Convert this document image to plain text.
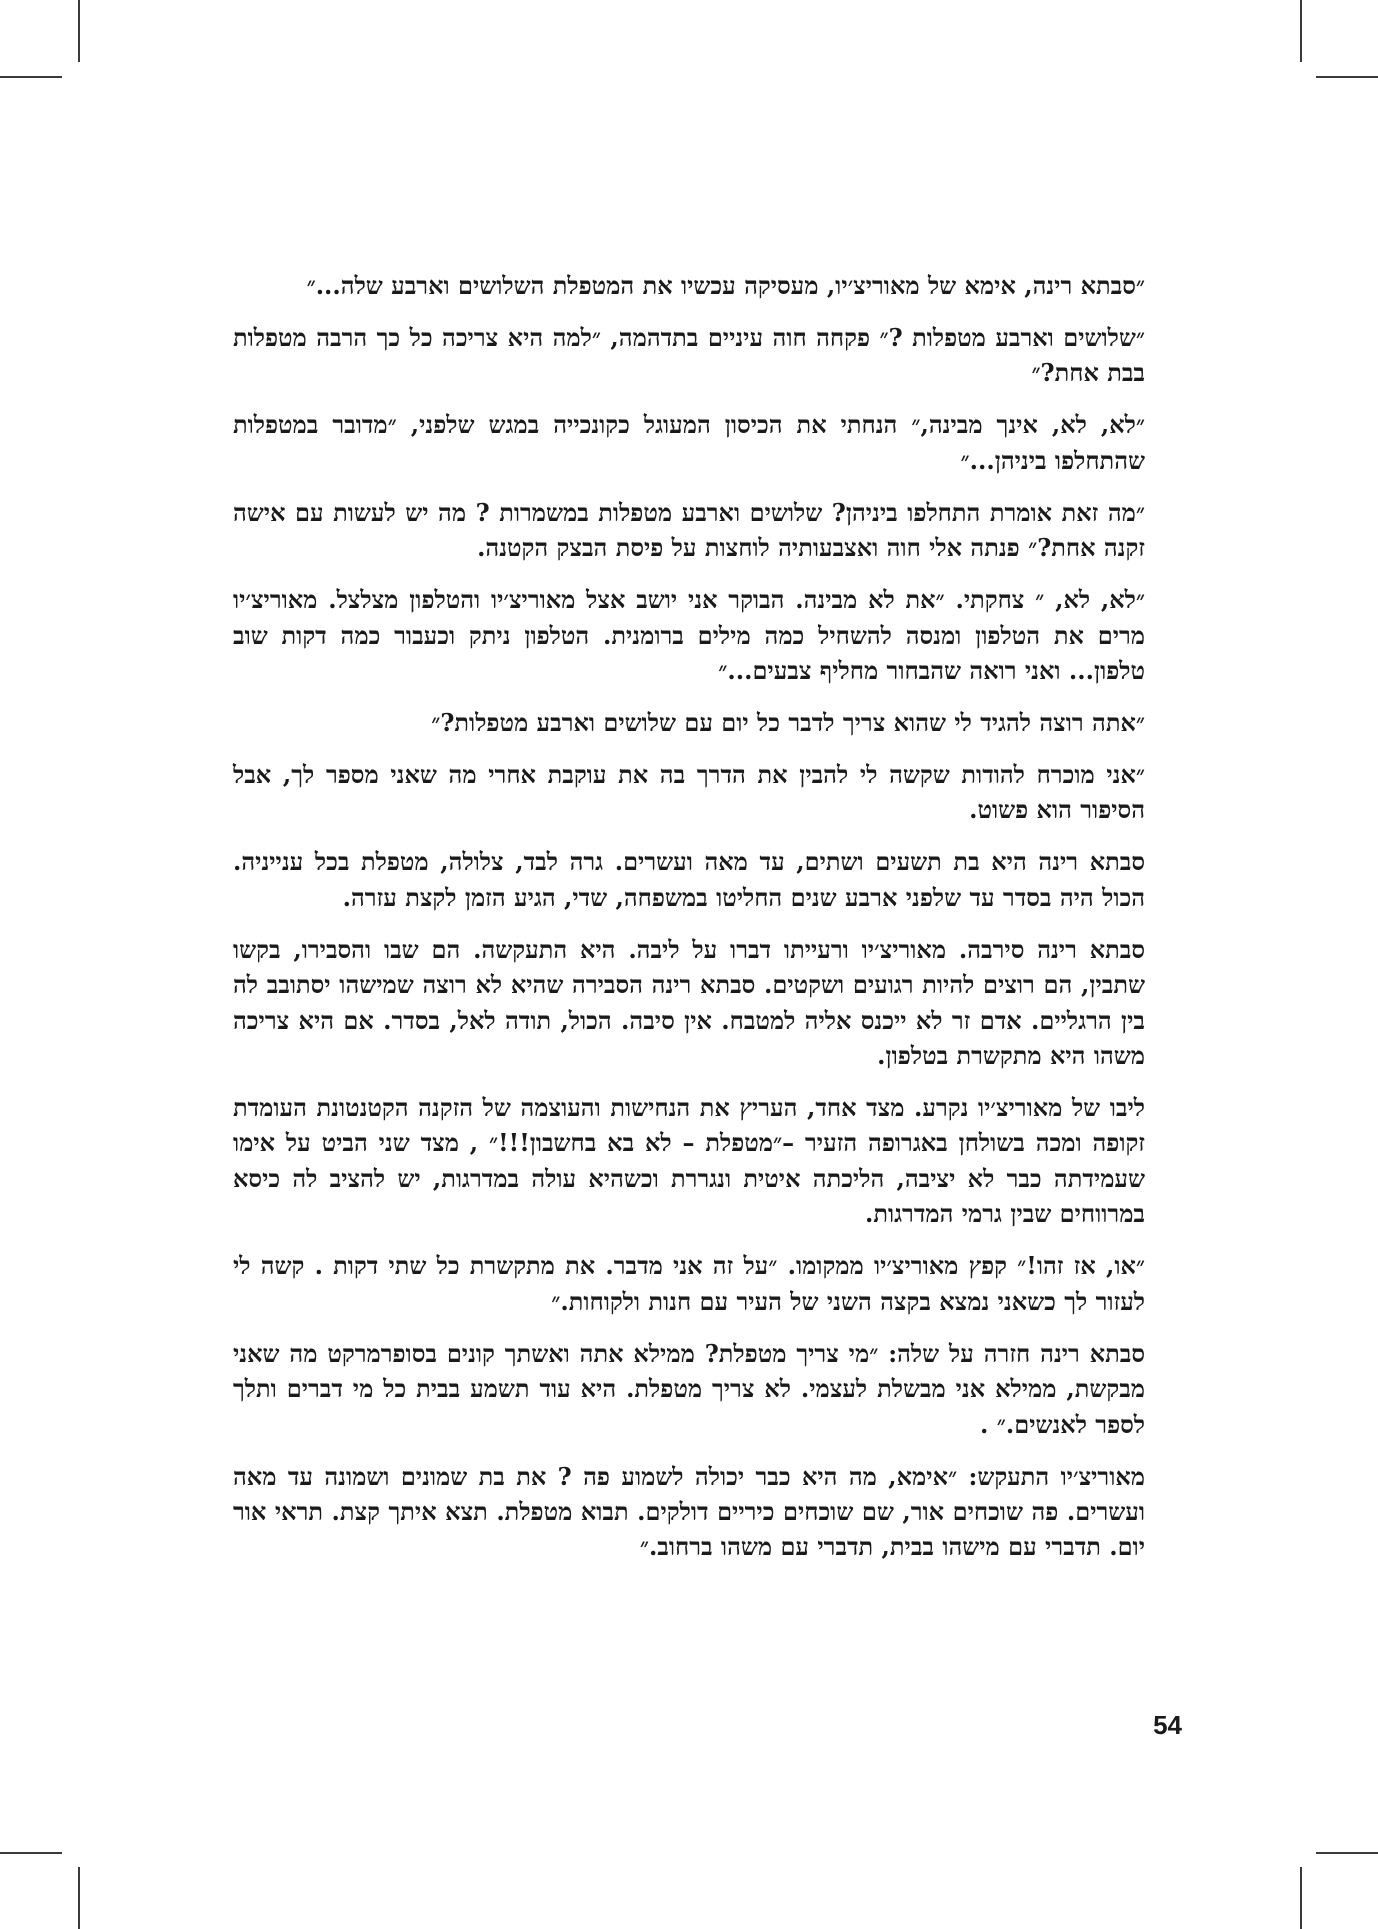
״סבתא רינה, אימא של מאוריצ׳יו, מעסיקה עכשיו את המטפלת השלושים וארבע שלה...״

״שלושים וארבע מטפלות ?״ פקחה חוה עיניים בתדהמה, ״למה היא צריכה כל כך הרבה מטפלות בבת אחת?״

״לא, לא, אינך מבינה,״ הנחתי את הכיסון המעוגל כקונכייה במגש שלפני, ״מדובר במטפלות שהתחלפו ביניהן...״

״מה זאת אומרת התחלפו ביניהן? שלושים וארבע מטפלות במשמרות ? מה יש לעשות עם אישה זקנה אחת?״ פנתה אלי חוה ואצבעותיה לוחצות על פיסת הבצק הקטנה.

״לא, לא, ״ צחקתי. ״את לא מבינה. הבוקר אני יושב אצל מאוריצ׳יו והטלפון מצלצל. מאוריצ׳יו מרים את הטלפון ומנסה להשחיל כמה מילים ברומנית. הטלפון ניתק וכעבור כמה דקות שוב טלפון... ואני רואה שהבחור מחליף צבעים...״

״אתה רוצה להגיד לי שהוא צריך לדבר כל יום עם שלושים וארבע מטפלות?״

״אני מוכרח להודות שקשה לי להבין את הדרך בה את עוקבת אחרי מה שאני מספר לך, אבל הסיפור הוא פשוט.

סבתא רינה היא בת תשעים ושתים, עד מאה ועשרים. גרה לבד, צלולה, מטפלת בכל ענייניה. הכול היה בסדר עד שלפני ארבע שנים החליטו במשפחה, שדי, הגיע הזמן לקצת עזרה.

סבתא רינה סירבה. מאוריצ׳יו ורעייתו דברו על ליבה. היא התעקשה. הם שבו והסבירו, בקשו שתבין, הם רוצים להיות רגועים ושקטים. סבתא רינה הסבירה שהיא לא רוצה שמישהו יסתובב לה בין הרגליים. אדם זר לא ייכנס אליה למטבח. אין סיבה. הכול, תודה לאל, בסדר. אם היא צריכה משהו היא מתקשרת בטלפון.

ליבו של מאוריצ׳יו נקרע. מצד אחד, העריץ את הנחישות והעוצמה של הזקנה הקטנטונת העומדת זקופה ומכה בשולחן באגרופה הזעיר –״מטפלת – לא בא בחשבון!!!״ , מצד שני הביט על אימו שעמידתה כבר לא יציבה, הליכתה איטית ונגררת וכשהיא עולה במדרגות, יש להציב לה כיסא במרווחים שבין גרמי המדרגות.

״או, אז זהו!״ קפץ מאוריצ׳יו ממקומו. ״על זה אני מדבר. את מתקשרת כל שתי דקות . קשה לי לעזור לך כשאני נמצא בקצה השני של העיר עם חנות ולקוחות.״

סבתא רינה חזרה על שלה: ״מי צריך מטפלת? ממילא אתה ואשתך קונים בסופרמרקט מה שאני מבקשת, ממילא אני מבשלת לעצמי. לא צריך מטפלת. היא עוד תשמע בבית כל מי דברים ותלך לספר לאנשים.״ .

מאוריצ׳יו התעקש: ״אימא, מה היא כבר יכולה לשמוע פה ? את בת שמונים ושמונה עד מאה ועשרים. פה שוכחים אור, שם שוכחים כיריים דולקים. תבוא מטפלת. תצא איתך קצת. תראי אור יום. תדברי עם מישהו בבית, תדברי עם משהו ברחוב.״

54
